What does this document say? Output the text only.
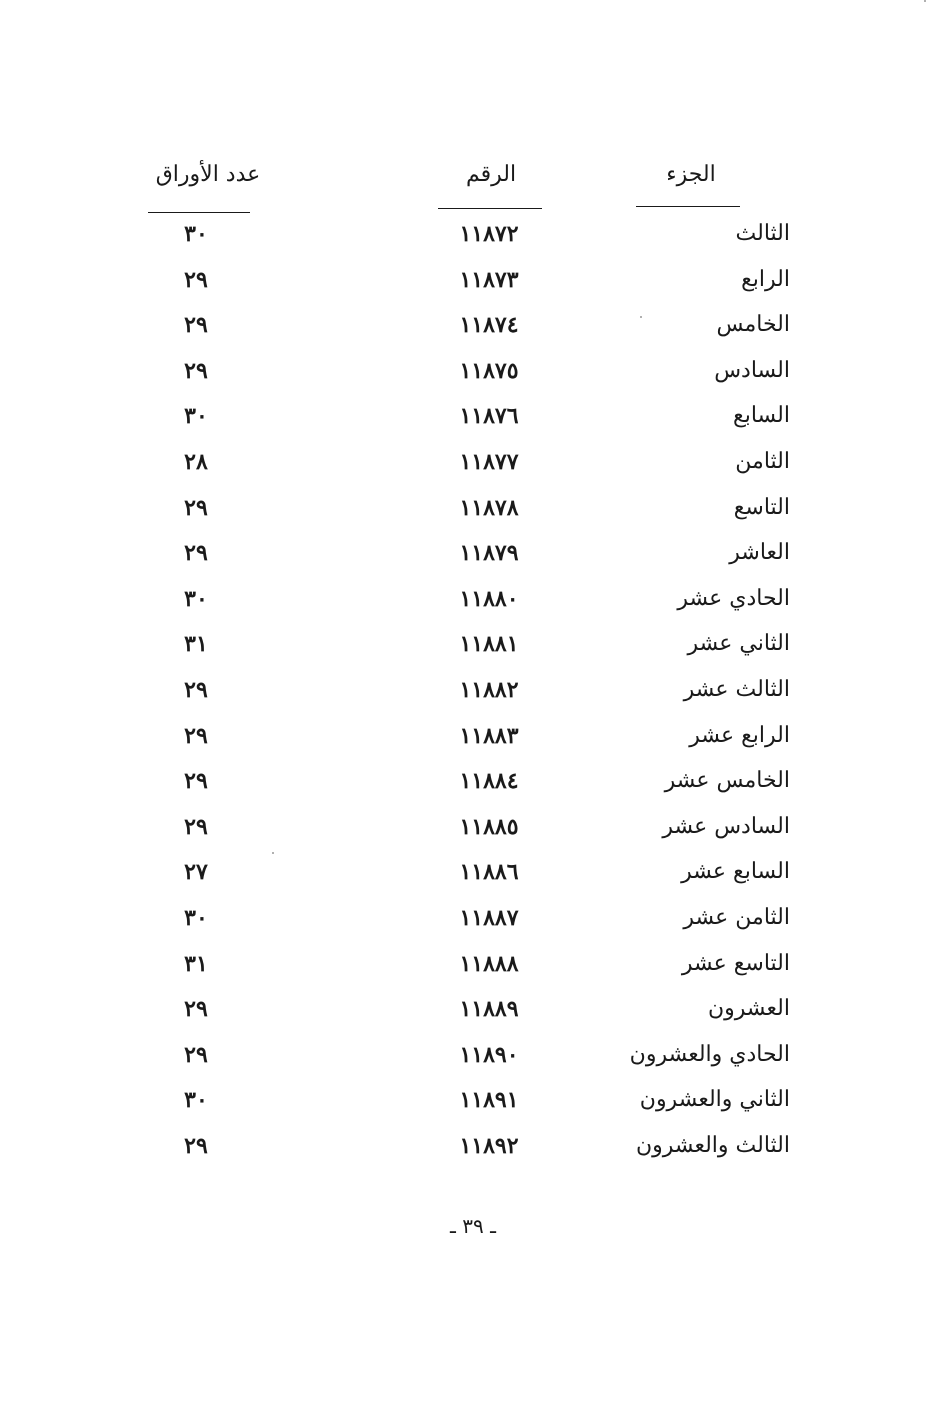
الجزء
الرقم
عدد الأوراق
الثالث
١١٨٧٢
٣٠
الرابع
١١٨٧٣
٢٩
الخامس
١١٨٧٤
٢٩
السادس
١١٨٧٥
٢٩
السابع
١١٨٧٦
٣٠
الثامن
١١٨٧٧
٢٨
التاسع
١١٨٧٨
٢٩
العاشر
١١٨٧٩
٢٩
الحادي عشر
١١٨٨٠
٣٠
الثاني عشر
١١٨٨١
٣١
الثالث عشر
١١٨٨٢
٢٩
الرابع عشر
١١٨٨٣
٢٩
الخامس عشر
١١٨٨٤
٢٩
السادس عشر
١١٨٨٥
٢٩
السابع عشر
١١٨٨٦
٢٧
الثامن عشر
١١٨٨٧
٣٠
التاسع عشر
١١٨٨٨
٣١
العشرون
١١٨٨٩
٢٩
الحادي والعشرون
١١٨٩٠
٢٩
الثاني والعشرون
١١٨٩١
٣٠
الثالث والعشرون
١١٨٩٢
٢٩
ـ ٣٩ ـ
